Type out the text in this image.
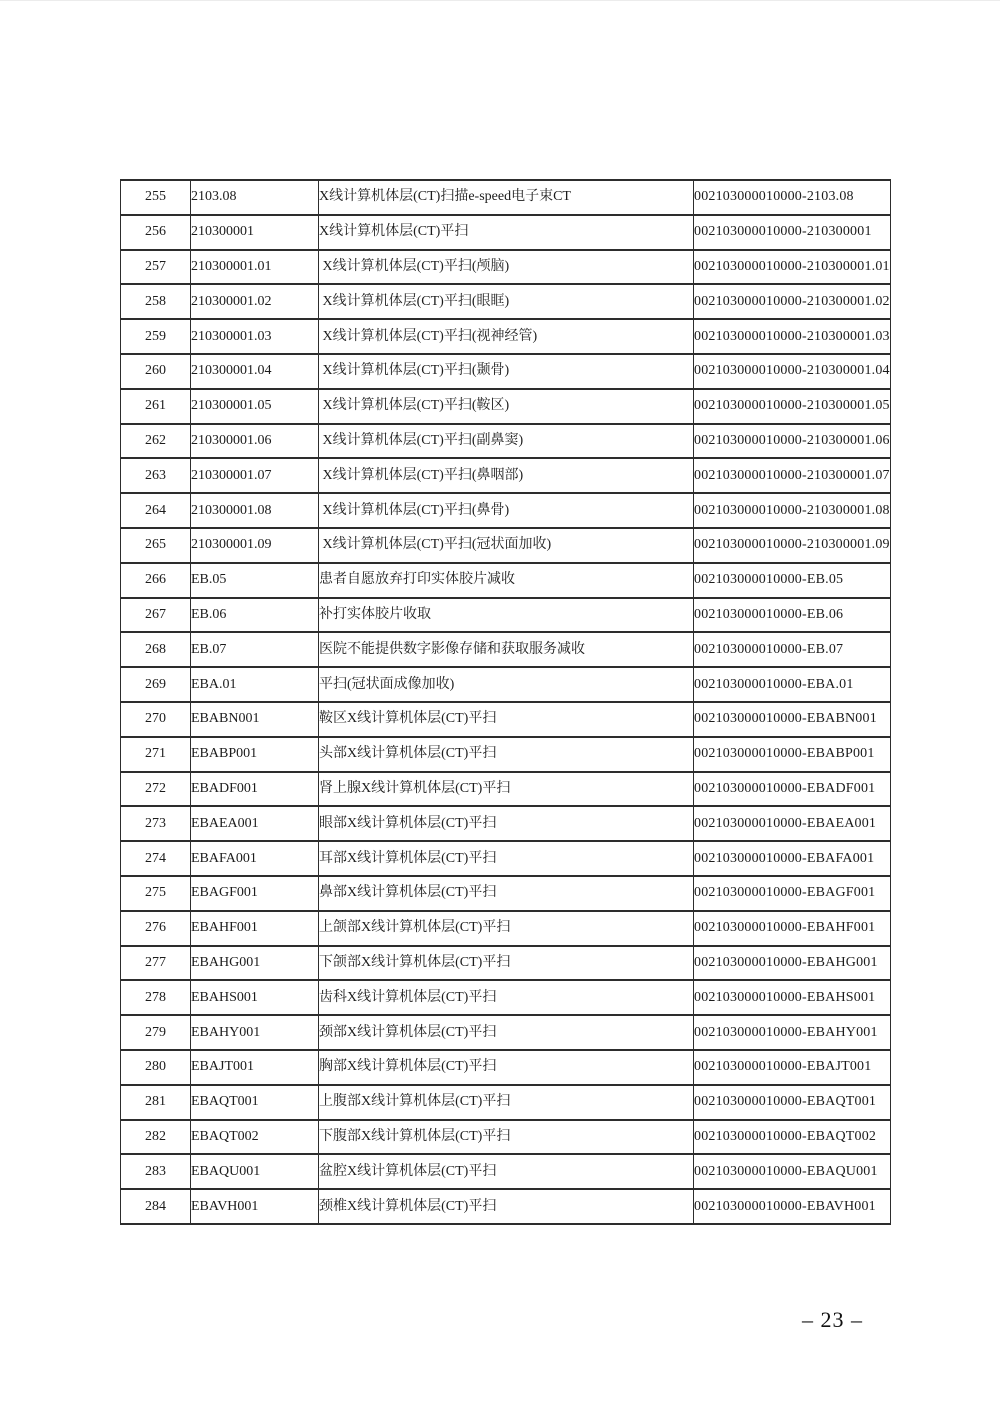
255	2103.08	X线计算机体层(CT)扫描e-speed电子束CT	002103000010000-2103.08
256	210300001	X线计算机体层(CT)平扫	002103000010000-210300001
257	210300001.01	X线计算机体层(CT)平扫(颅脑)	002103000010000-210300001.01
258	210300001.02	X线计算机体层(CT)平扫(眼眶)	002103000010000-210300001.02
259	210300001.03	X线计算机体层(CT)平扫(视神经管)	002103000010000-210300001.03
260	210300001.04	X线计算机体层(CT)平扫(颞骨)	002103000010000-210300001.04
261	210300001.05	X线计算机体层(CT)平扫(鞍区)	002103000010000-210300001.05
262	210300001.06	X线计算机体层(CT)平扫(副鼻窦)	002103000010000-210300001.06
263	210300001.07	X线计算机体层(CT)平扫(鼻咽部)	002103000010000-210300001.07
264	210300001.08	X线计算机体层(CT)平扫(鼻骨)	002103000010000-210300001.08
265	210300001.09	X线计算机体层(CT)平扫(冠状面加收)	002103000010000-210300001.09
266	EB.05	患者自愿放弃打印实体胶片减收	002103000010000-EB.05
267	EB.06	补打实体胶片收取	002103000010000-EB.06
268	EB.07	医院不能提供数字影像存储和获取服务减收	002103000010000-EB.07
269	EBA.01	平扫(冠状面成像加收)	002103000010000-EBA.01
270	EBABN001	鞍区X线计算机体层(CT)平扫	002103000010000-EBABN001
271	EBABP001	头部X线计算机体层(CT)平扫	002103000010000-EBABP001
272	EBADF001	肾上腺X线计算机体层(CT)平扫	002103000010000-EBADF001
273	EBAEA001	眼部X线计算机体层(CT)平扫	002103000010000-EBAEA001
274	EBAFA001	耳部X线计算机体层(CT)平扫	002103000010000-EBAFA001
275	EBAGF001	鼻部X线计算机体层(CT)平扫	002103000010000-EBAGF001
276	EBAHF001	上颌部X线计算机体层(CT)平扫	002103000010000-EBAHF001
277	EBAHG001	下颌部X线计算机体层(CT)平扫	002103000010000-EBAHG001
278	EBAHS001	齿科X线计算机体层(CT)平扫	002103000010000-EBAHS001
279	EBAHY001	颈部X线计算机体层(CT)平扫	002103000010000-EBAHY001
280	EBAJT001	胸部X线计算机体层(CT)平扫	002103000010000-EBAJT001
281	EBAQT001	上腹部X线计算机体层(CT)平扫	002103000010000-EBAQT001
282	EBAQT002	下腹部X线计算机体层(CT)平扫	002103000010000-EBAQT002
283	EBAQU001	盆腔X线计算机体层(CT)平扫	002103000010000-EBAQU001
284	EBAVH001	颈椎X线计算机体层(CT)平扫	002103000010000-EBAVH001
– 23 –
